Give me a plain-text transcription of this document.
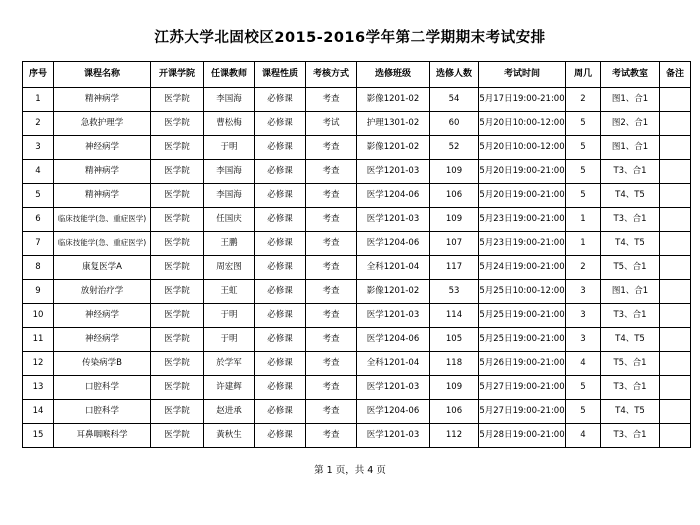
江苏大学北固校区2015-2016学年第二学期期末考试安排
序号	课程名称	开课学院	任课教师	课程性质	考核方式	选修班级	选修人数	考试时间	周几	考试教室	备注
1	精神病学	医学院	李国海	必修课	考查	影像1201-02	54	5月17日19:00-21:00	2	图1、合1	
2	急救护理学	医学院	曹松梅	必修课	考试	护理1301-02	60	5月20日10:00-12:00	5	图2、合1	
3	神经病学	医学院	于明	必修课	考查	影像1201-02	52	5月20日10:00-12:00	5	图1、合1	
4	精神病学	医学院	李国海	必修课	考查	医学1201-03	109	5月20日19:00-21:00	5	T3、合1	
5	精神病学	医学院	李国海	必修课	考查	医学1204-06	106	5月20日19:00-21:00	5	T4、T5	
6	临床技能学(急、重症医学)	医学院	任国庆	必修课	考查	医学1201-03	109	5月23日19:00-21:00	1	T3、合1	
7	临床技能学(急、重症医学)	医学院	王鹏	必修课	考查	医学1204-06	107	5月23日19:00-21:00	1	T4、T5	
8	康复医学A	医学院	周宏图	必修课	考查	全科1201-04	117	5月24日19:00-21:00	2	T5、合1	
9	放射治疗学	医学院	王虹	必修课	考查	影像1201-02	53	5月25日10:00-12:00	3	图1、合1	
10	神经病学	医学院	于明	必修课	考查	医学1201-03	114	5月25日19:00-21:00	3	T3、合1	
11	神经病学	医学院	于明	必修课	考查	医学1204-06	105	5月25日19:00-21:00	3	T4、T5	
12	传染病学B	医学院	於学军	必修课	考查	全科1201-04	118	5月26日19:00-21:00	4	T5、合1	
13	口腔科学	医学院	许建辉	必修课	考查	医学1201-03	109	5月27日19:00-21:00	5	T3、合1	
14	口腔科学	医学院	赵进承	必修课	考查	医学1204-06	106	5月27日19:00-21:00	5	T4、T5	
15	耳鼻咽喉科学	医学院	黃秋生	必修课	考查	医学1201-03	112	5月28日19:00-21:00	4	T3、合1	
第 1 页，共 4 页
